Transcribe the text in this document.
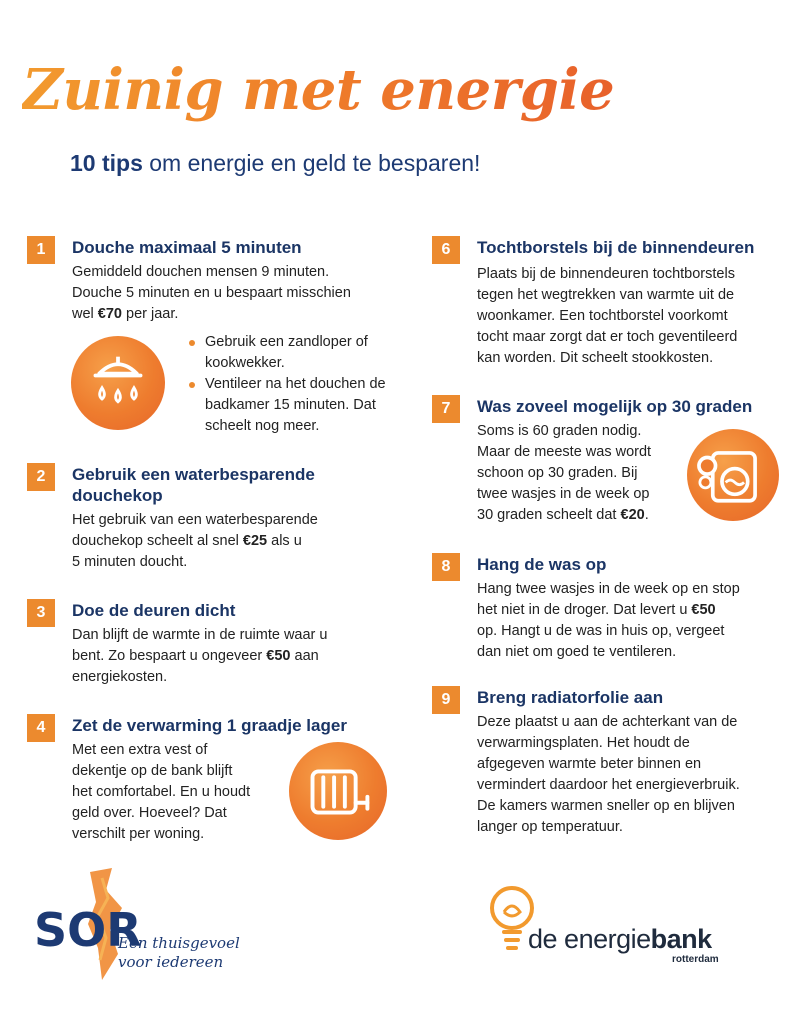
Zuinig met energie
10 tips om energie en geld te besparen!
1	Douche maximaal 5 minuten
Gemiddeld douchen mensen 9 minuten.
Douche 5 minuten en u bespaart misschien
wel €70 per jaar.
Gebruik een zandloper of kookwekker.
Ventileer na het douchen de badkamer 15 minuten. Dat scheelt nog meer.
2	Gebruik een waterbesparende
douchekop
Het gebruik van een waterbesparende
douchekop scheelt al snel €25 als u
5 minuten doucht.
3	Doe de deuren dicht
Dan blijft de warmte in de ruimte waar u
bent. Zo bespaart u ongeveer €50 aan
energiekosten.
4	Zet de verwarming 1 graadje lager
Met een extra vest of
dekentje op de bank blijft
het comfortabel. En u houdt
geld over. Hoeveel? Dat
verschilt per woning.
6	Tochtborstels bij de binnendeuren
Plaats bij de binnendeuren tochtborstels
tegen het wegtrekken van warmte uit de
woonkamer. Een tochtborstel voorkomt
tocht maar zorgt dat er toch geventileerd
kan worden. Dit scheelt stookkosten.
7	Was zoveel mogelijk op 30 graden
Soms is 60 graden nodig.
Maar de meeste was wordt
schoon op 30 graden. Bij
twee wasjes in de week op
30 graden scheelt dat €20.
8	Hang de was op
Hang twee wasjes in de week op en stop
het niet in de droger. Dat levert u €50
op. Hangt u de was in huis op, vergeet
dan niet om goed te ventileren.
9	Breng radiatorfolie aan
Deze plaatst u aan de achterkant van de
verwarmingsplaten. Het houdt de
afgegeven warmte beter binnen en
vermindert daardoor het energieverbruik.
De kamers warmen sneller op en blijven
langer op temperatuur.
SOR
Een thuisgevoel
voor iedereen
de energiebank
rotterdam
